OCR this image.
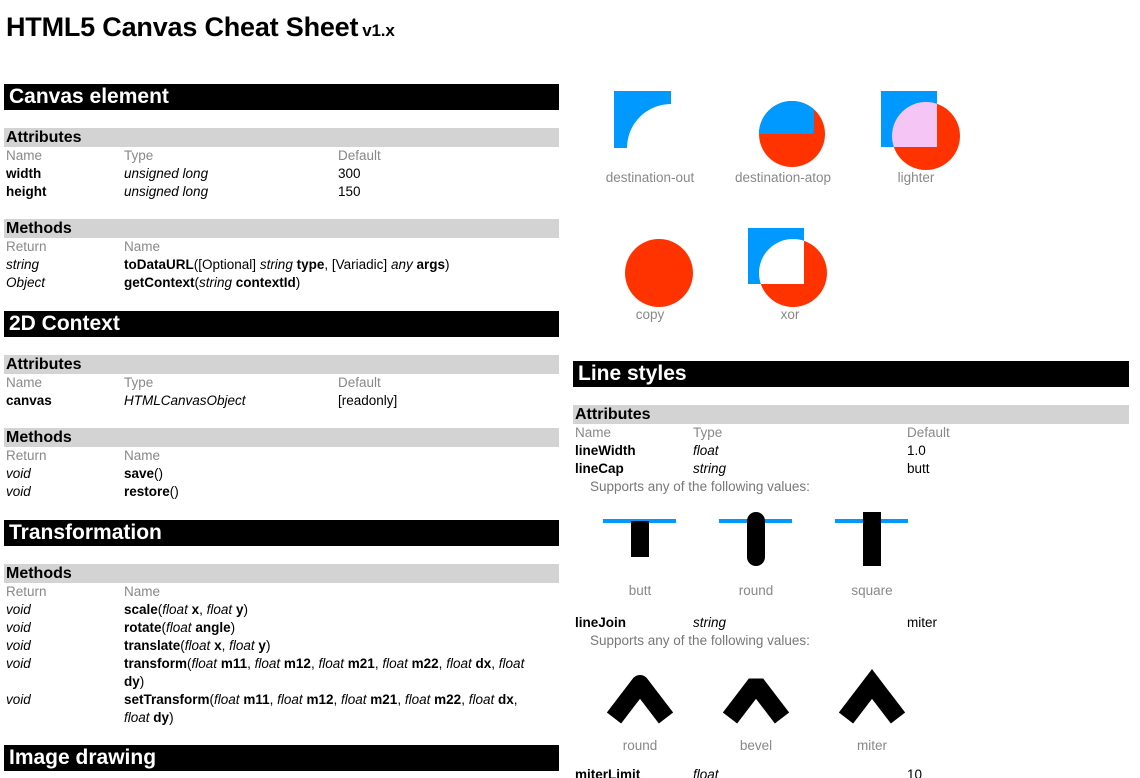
HTML5 Canvas Cheat Sheet v1.x
Canvas element
Attributes
Name	Type	Default
width	unsigned long	300
height	unsigned long	150
Methods
Return	Name
string	toDataURL([Optional] string type, [Variadic] any args)
Object	getContext(string contextId)
2D Context
Attributes
Name	Type	Default
canvas	HTMLCanvasObject	[readonly]
Methods
Return	Name
void	save()
void	restore()
Transformation
Methods
Return	Name
void	scale(float x, float y)
void	rotate(float angle)
void	translate(float x, float y)
void	transform(float m11, float m12, float m21, float m22, float dx, float dy)
void	setTransform(float m11, float m12, float m21, float m22, float dx, float dy)
Image drawing
destination-out	destination-atop	lighter
copy	xor
Line styles
Attributes
Name	Type	Default
lineWidth	float	1.0
lineCap	string	butt
Supports any of the following values:
butt	round	square
lineJoin	string	miter
Supports any of the following values:
round	bevel	miter
miterLimit	float	10
